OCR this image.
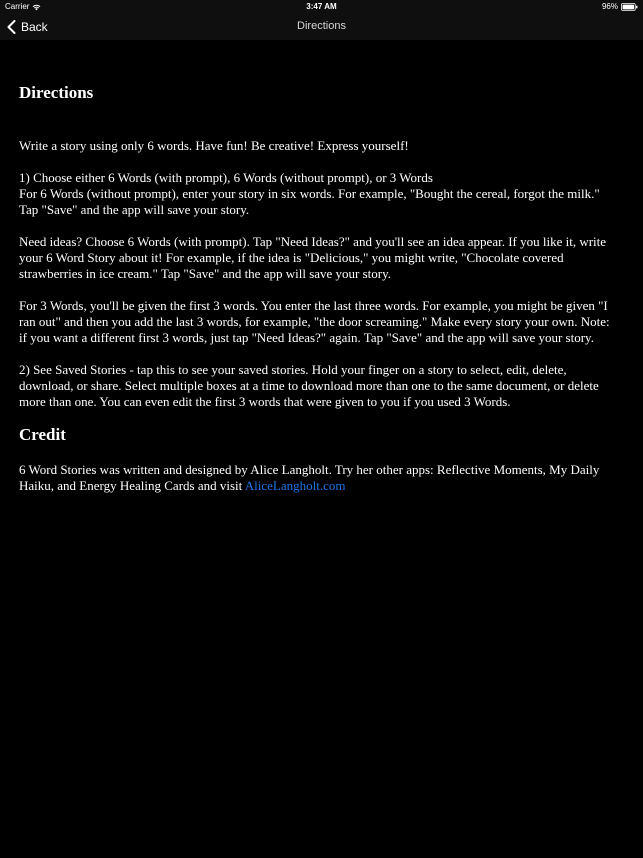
Carrier	3:47 AM	96%
Back	Directions
Directions

Write a story using only 6 words. Have fun! Be creative! Express yourself!

1) Choose either 6 Words (with prompt), 6 Words (without prompt), or 3 Words

For 6 Words (without prompt), enter your story in six words. For example, "Bought the cereal, forgot the milk." Tap "Save" and the app will save your story.

Need ideas? Choose 6 Words (with prompt). Tap "Need Ideas?" and you'll see an idea appear. If you like it, write your 6 Word Story about it! For example, if the idea is "Delicious," you might write, "Chocolate covered strawberries in ice cream." Tap "Save" and the app will save your story.

For 3 Words, you'll be given the first 3 words. You enter the last three words. For example, you might be given "I ran out" and then you add the last 3 words, for example, "the door screaming." Make every story your own. Note: if you want a different first 3 words, just tap "Need Ideas?" again. Tap "Save" and the app will save your story.

2) See Saved Stories - tap this to see your saved stories. Hold your finger on a story to select, edit, delete, download, or share. Select multiple boxes at a time to download more than one to the same document, or delete more than one. You can even edit the first 3 words that were given to you if you used 3 Words.

Credit

6 Word Stories was written and designed by Alice Langholt. Try her other apps: Reflective Moments, My Daily Haiku, and Energy Healing Cards and visit AliceLangholt.com
